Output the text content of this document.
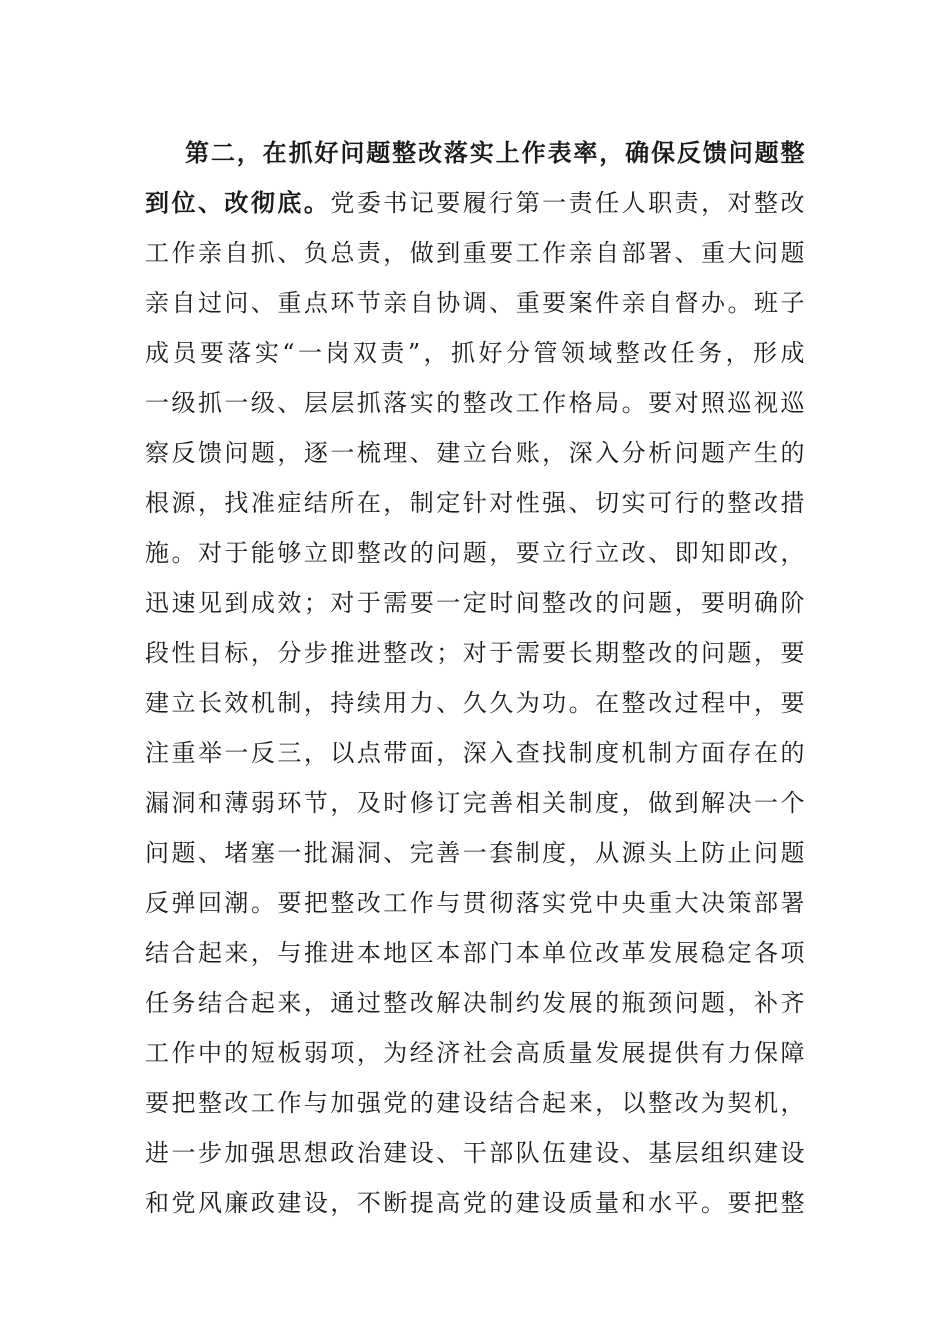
第二，在抓好问题整改落实上作表率，确保反馈问题整
到位、改彻底。党委书记要履行第一责任人职责，对整改
工作亲自抓、负总责，做到重要工作亲自部署、重大问题
亲自过问、重点环节亲自协调、重要案件亲自督办。班子
成员要落实“一岗双责”，抓好分管领域整改任务，形成
一级抓一级、层层抓落实的整改工作格局。要对照巡视巡
察反馈问题，逐一梳理、建立台账，深入分析问题产生的
根源，找准症结所在，制定针对性强、切实可行的整改措
施。对于能够立即整改的问题，要立行立改、即知即改，
迅速见到成效；对于需要一定时间整改的问题，要明确阶
段性目标，分步推进整改；对于需要长期整改的问题，要
建立长效机制，持续用力、久久为功。在整改过程中，要
注重举一反三，以点带面，深入查找制度机制方面存在的
漏洞和薄弱环节，及时修订完善相关制度，做到解决一个
问题、堵塞一批漏洞、完善一套制度，从源头上防止问题
反弹回潮。要把整改工作与贯彻落实党中央重大决策部署
结合起来，与推进本地区本部门本单位改革发展稳定各项
任务结合起来，通过整改解决制约发展的瓶颈问题，补齐
工作中的短板弱项，为经济社会高质量发展提供有力保障
要把整改工作与加强党的建设结合起来，以整改为契机，
进一步加强思想政治建设、干部队伍建设、基层组织建设
和党风廉政建设，不断提高党的建设质量和水平。要把整
